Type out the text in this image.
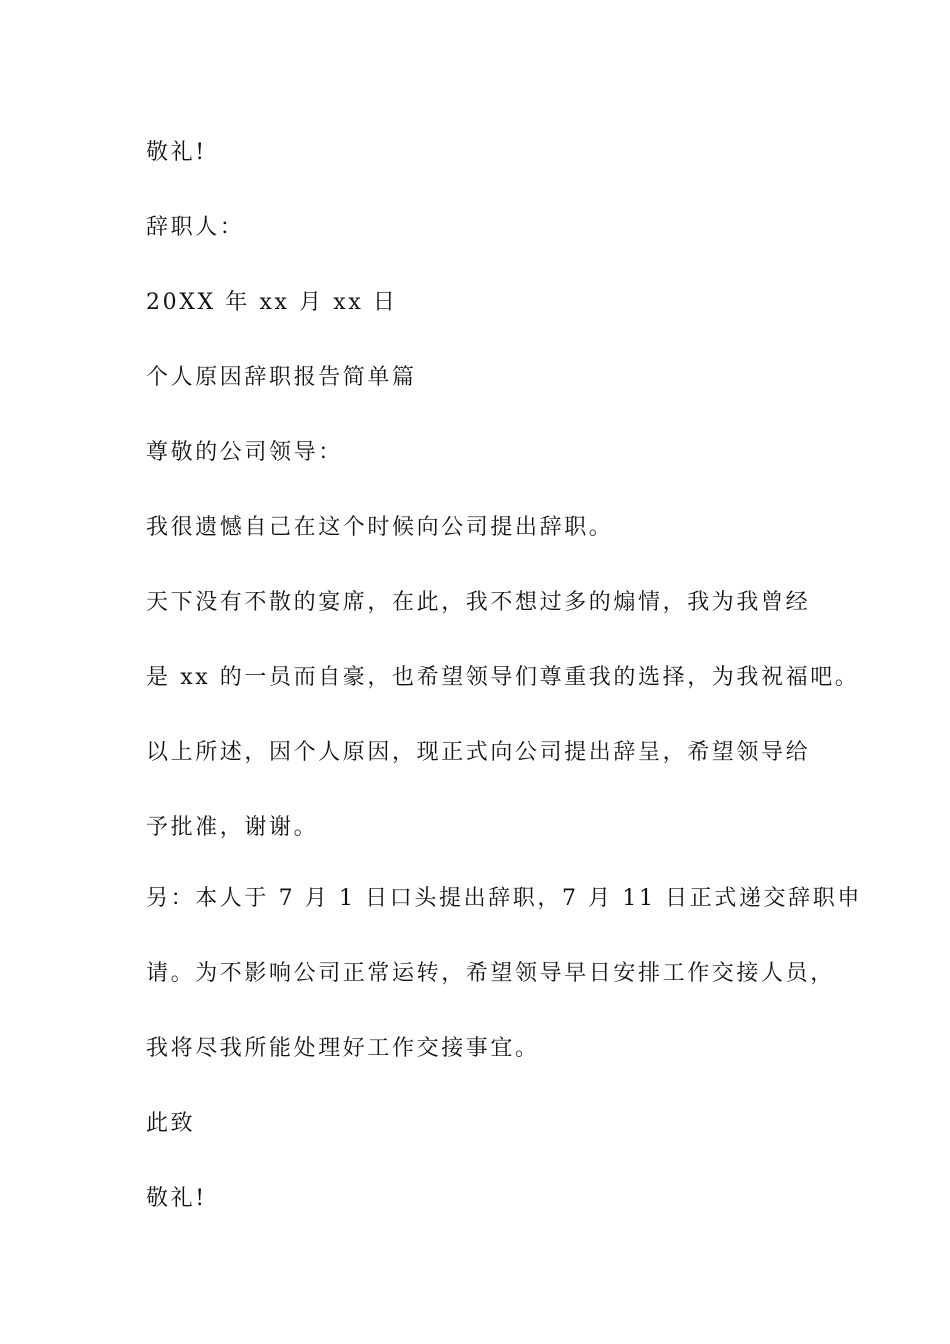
敬礼!

辞职人：

20XX 年 xx 月 xx 日

个人原因辞职报告简单篇

尊敬的公司领导：

我很遗憾自己在这个时候向公司提出辞职。

天下没有不散的宴席，在此，我不想过多的煽情，我为我曾经

是 xx 的一员而自豪，也希望领导们尊重我的选择，为我祝福吧。

以上所述，因个人原因，现正式向公司提出辞呈，希望领导给

予批准，谢谢。

另：本人于 7 月 1 日口头提出辞职，7 月 11 日正式递交辞职申

请。为不影响公司正常运转，希望领导早日安排工作交接人员，

我将尽我所能处理好工作交接事宜。

此致

敬礼!
